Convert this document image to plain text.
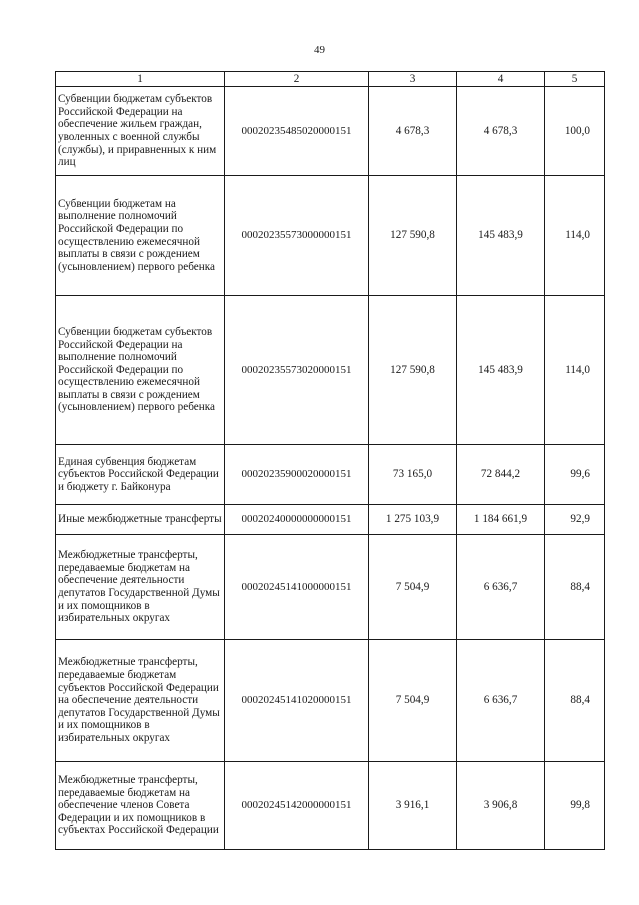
49
1	2	3	4	5
Субвенции бюджетам субъектов Российской Федерации на обеспечение жильем граждан, уволенных с военной службы (службы), и приравненных к ним лиц	00020235485020000151	4 678,3	4 678,3	100,0
Субвенции бюджетам на выполнение полномочий Российской Федерации по осуществлению ежемесячной выплаты в связи с рождением (усыновлением) первого ребенка	00020235573000000151	127 590,8	145 483,9	114,0
Субвенции бюджетам субъектов Российской Федерации на выполнение полномочий Российской Федерации по осуществлению ежемесячной выплаты в связи с рождением (усыновлением) первого ребенка	00020235573020000151	127 590,8	145 483,9	114,0
Единая субвенция бюджетам субъектов Российской Федерации и бюджету г. Байконура	00020235900020000151	73 165,0	72 844,2	99,6
Иные межбюджетные трансферты	00020240000000000151	1 275 103,9	1 184 661,9	92,9
Межбюджетные трансферты, передаваемые бюджетам на обеспечение деятельности депутатов Государственной Думы и их помощников в избирательных округах	00020245141000000151	7 504,9	6 636,7	88,4
Межбюджетные трансферты, передаваемые бюджетам субъектов Российской Федерации на обеспечение деятельности депутатов Государственной Думы и их помощников в избирательных округах	00020245141020000151	7 504,9	6 636,7	88,4
Межбюджетные трансферты, передаваемые бюджетам на обеспечение членов Совета Федерации и их помощников в субъектах Российской Федерации	00020245142000000151	3 916,1	3 906,8	99,8
